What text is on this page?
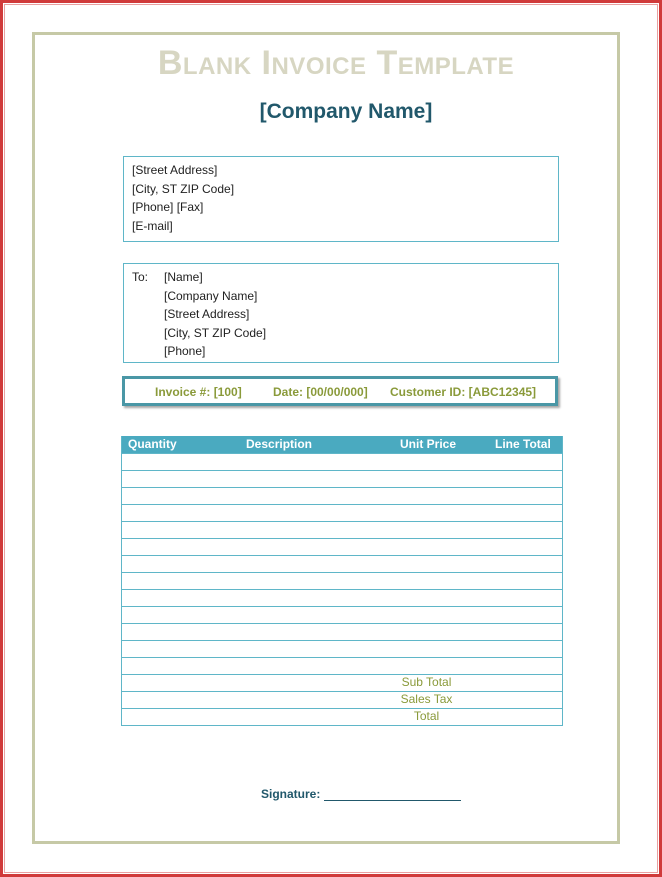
Blank Invoice Template
[Company Name]
[Street Address]
[City, ST ZIP Code]
[Phone] [Fax]
[E-mail]
To:	[Name]
[Company Name]
[Street Address]
[City, ST ZIP Code]
[Phone]
Invoice #: [100]	Date: [00/00/000] Customer ID: [ABC12345]
Quantity	Description	Unit Price	Line Total
Sub Total
Sales Tax
Total
Signature:
